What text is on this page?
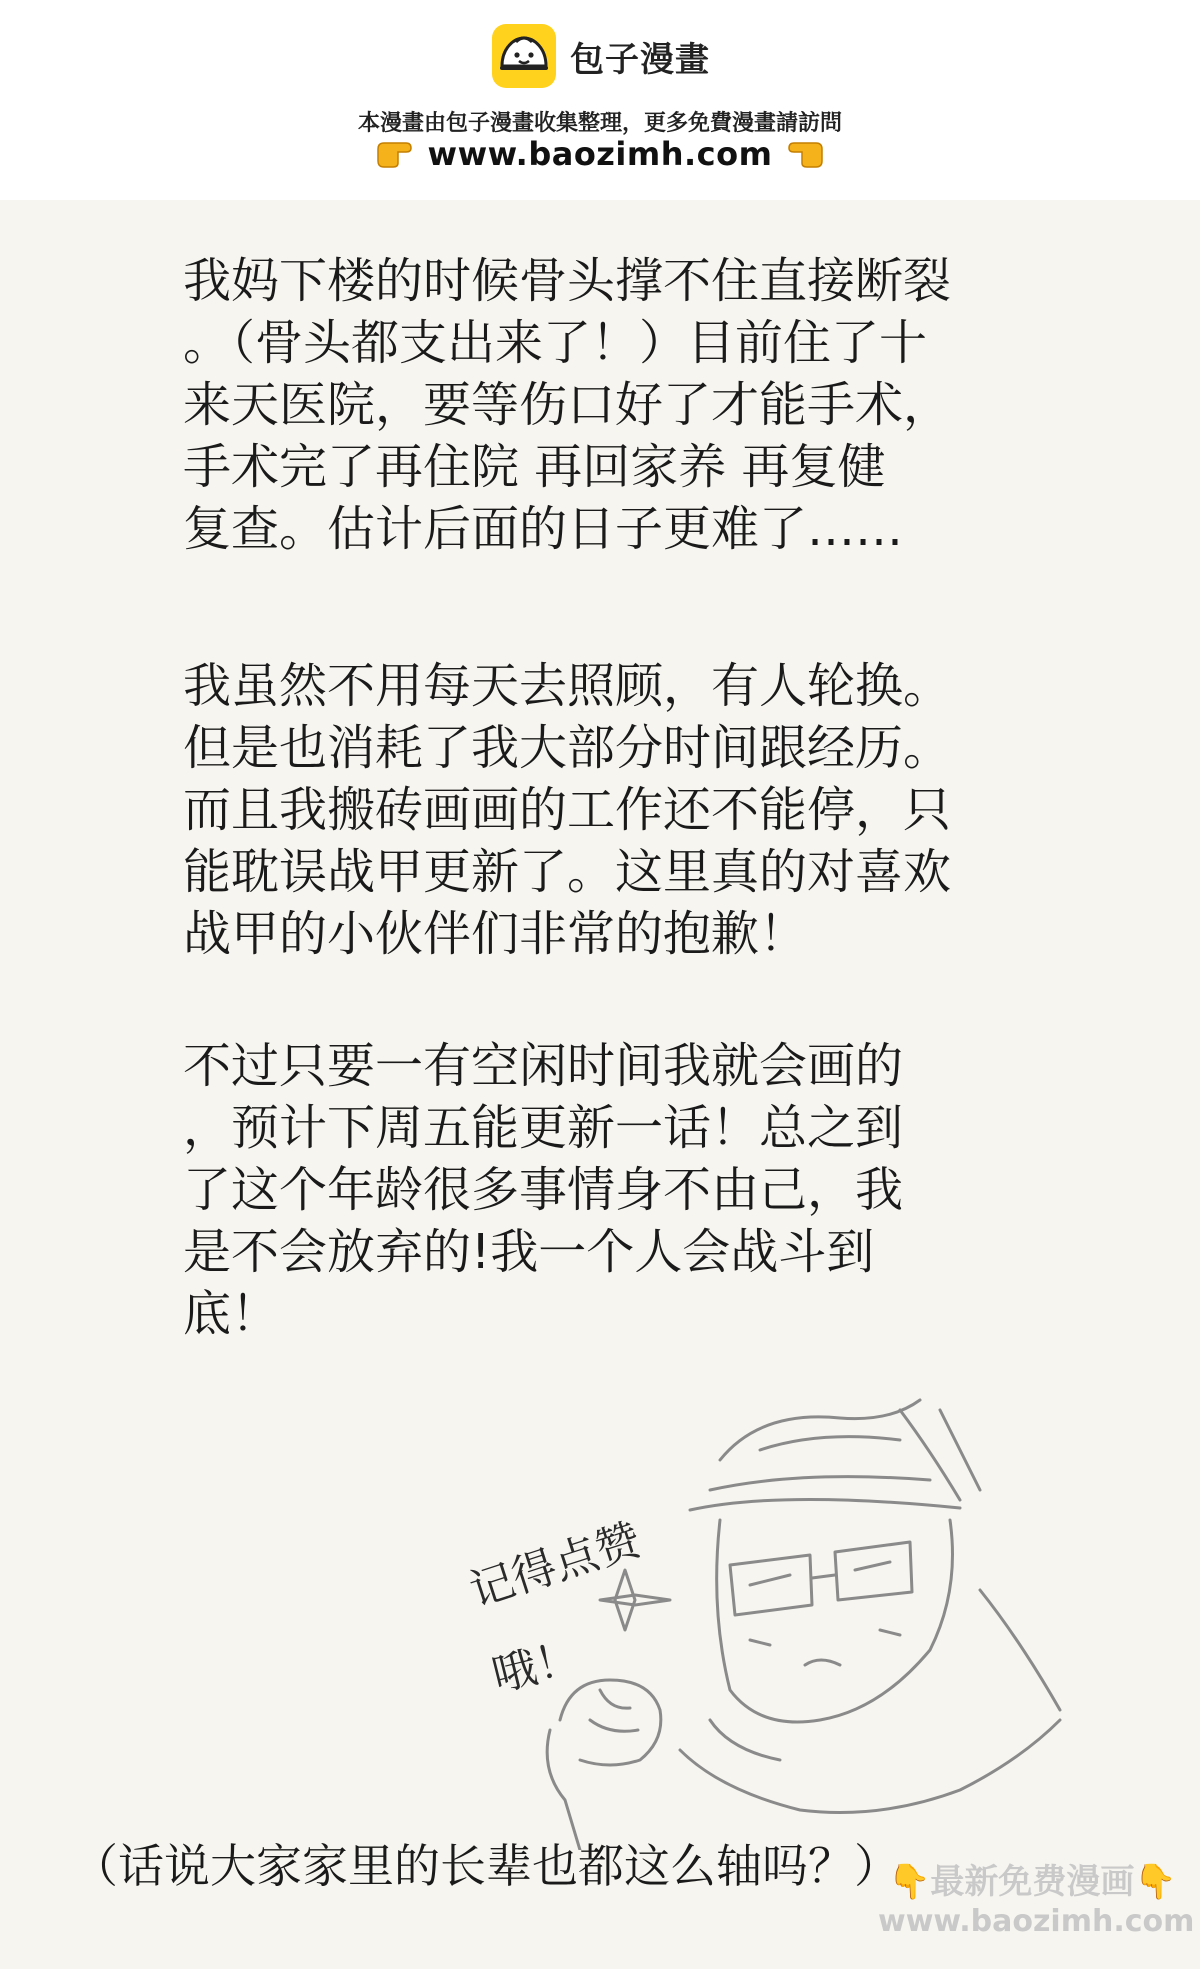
包子漫畫
本漫畫由包子漫畫收集整理，更多免費漫畫請訪問
www.baozimh.com
我妈下楼的时候骨头撑不住直接断裂
。（骨头都支出来了！）目前住了十
来天医院，要等伤口好了才能手术，
手术完了再住院 再回家养 再复健
复查。估计后面的日子更难了……
我虽然不用每天去照顾，有人轮换。
但是也消耗了我大部分时间跟经历。
而且我搬砖画画的工作还不能停，只
能耽误战甲更新了。这里真的对喜欢
战甲的小伙伴们非常的抱歉！
不过只要一有空闲时间我就会画的
，预计下周五能更新一话！总之到
了这个年龄很多事情身不由己，我
是不会放弃的!我一个人会战斗到
底！
记得点赞
哦！
（话说大家家里的长辈也都这么轴吗？）
👇最新免费漫画👇
www.baozimh.com
